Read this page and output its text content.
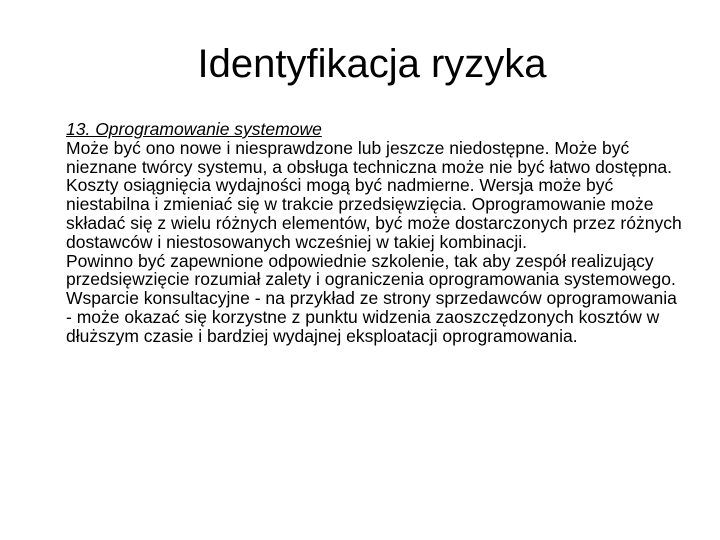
Identyfikacja ryzyka

13. Oprogramowanie systemowe

Może być ono nowe i niesprawdzone lub jeszcze niedostępne. Może być nieznane twórcy systemu, a obsługa techniczna może nie być łatwo dostępna. Koszty osiągnięcia wydajności mogą być nadmierne. Wersja może być niestabilna i zmieniać się w trakcie przedsięwzięcia. Oprogramowanie może składać się z wielu różnych elementów, być może dostarczonych przez różnych dostawców i niestosowanych wcześniej w takiej kombinacji.

Powinno być zapewnione odpowiednie szkolenie, tak aby zespół realizujący przedsięwzięcie rozumiał zalety i ograniczenia oprogramowania systemowego. Wsparcie konsultacyjne - na przykład ze strony sprzedawców oprogramowania - może okazać się korzystne z punktu widzenia zaoszczędzonych kosztów w dłuższym czasie i bardziej wydajnej eksploatacji oprogramowania.
